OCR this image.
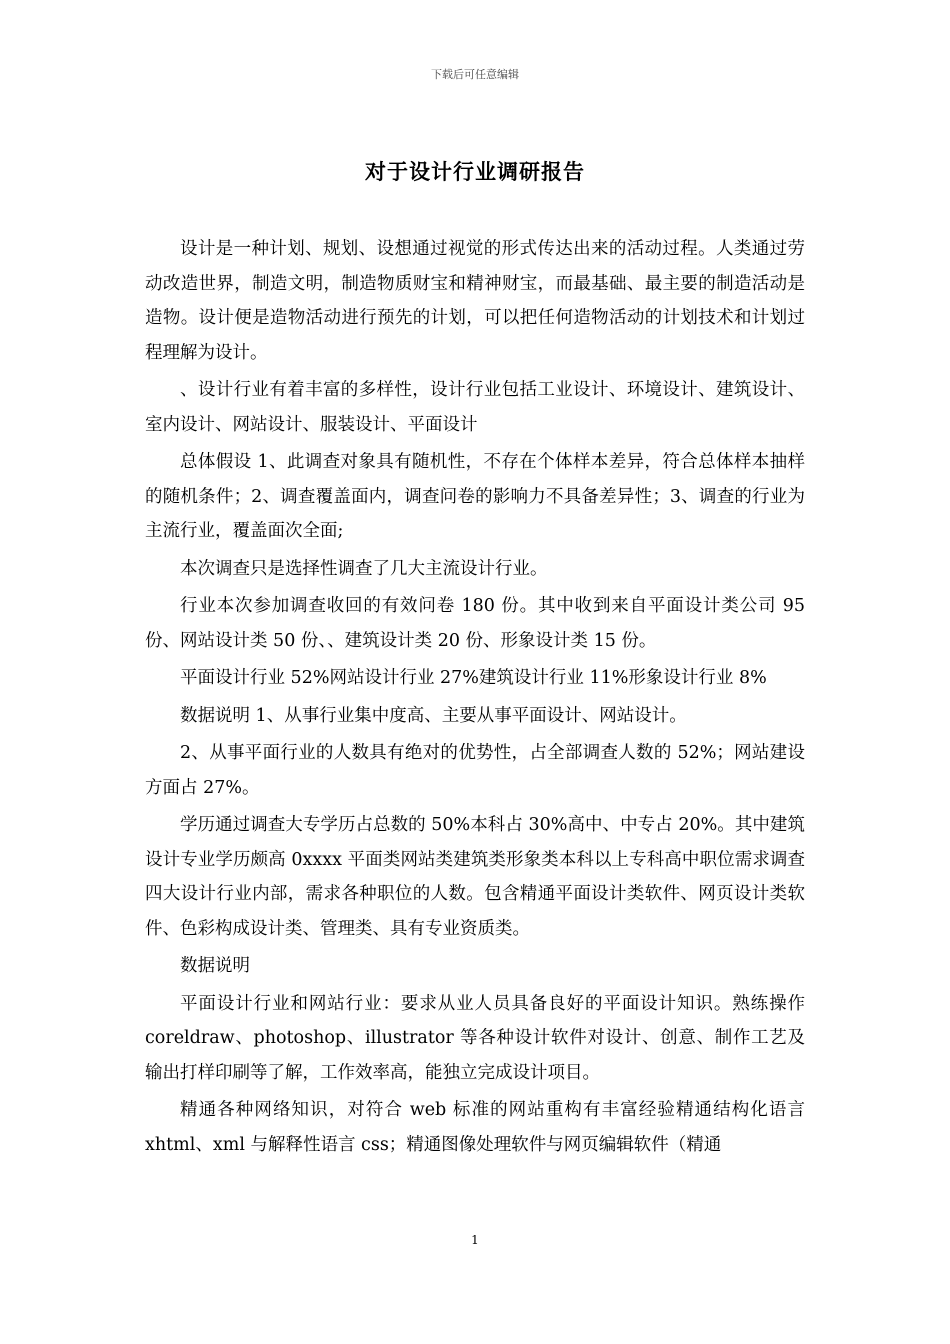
下载后可任意编辑
对于设计行业调研报告

设计是一种计划、规划、设想通过视觉的形式传达出来的活动过程。人类通过劳动改造世界，制造文明，制造物质财宝和精神财宝，而最基础、最主要的制造活动是造物。设计便是造物活动进行预先的计划，可以把任何造物活动的计划技术和计划过程理解为设计。

、设计行业有着丰富的多样性，设计行业包括工业设计、环境设计、建筑设计、室内设计、网站设计、服装设计、平面设计

总体假设 1、此调查对象具有随机性，不存在个体样本差异，符合总体样本抽样的随机条件；2、调查覆盖面内，调查问卷的影响力不具备差异性；3、调查的行业为主流行业，覆盖面次全面;

本次调查只是选择性调查了几大主流设计行业。

行业本次参加调查收回的有效问卷 180 份。其中收到来自平面设计类公司 95 份、网站设计类 50 份、、建筑设计类 20 份、形象设计类 15 份。

平面设计行业 52%网站设计行业 27%建筑设计行业 11%形象设计行业 8%

数据说明 1、从事行业集中度高、主要从事平面设计、网站设计。

2、从事平面行业的人数具有绝对的优势性，占全部调查人数的 52%；网站建设方面占 27%。

学历通过调查大专学历占总数的 50%本科占 30%高中、中专占 20%。其中建筑设计专业学历颇高 0xxxx 平面类网站类建筑类形象类本科以上专科高中职位需求调查四大设计行业内部，需求各种职位的人数。包含精通平面设计类软件、网页设计类软件、色彩构成设计类、管理类、具有专业资质类。

数据说明

平面设计行业和网站行业：要求从业人员具备良好的平面设计知识。熟练操作 coreldraw、photoshop、illustrator 等各种设计软件对设计、创意、制作工艺及输出打样印刷等了解，工作效率高，能独立完成设计项目。

精通各种网络知识，对符合 web 标准的网站重构有丰富经验精通结构化语言 xhtml、xml 与解释性语言 css；精通图像处理软件与网页编辑软件（精通

1
